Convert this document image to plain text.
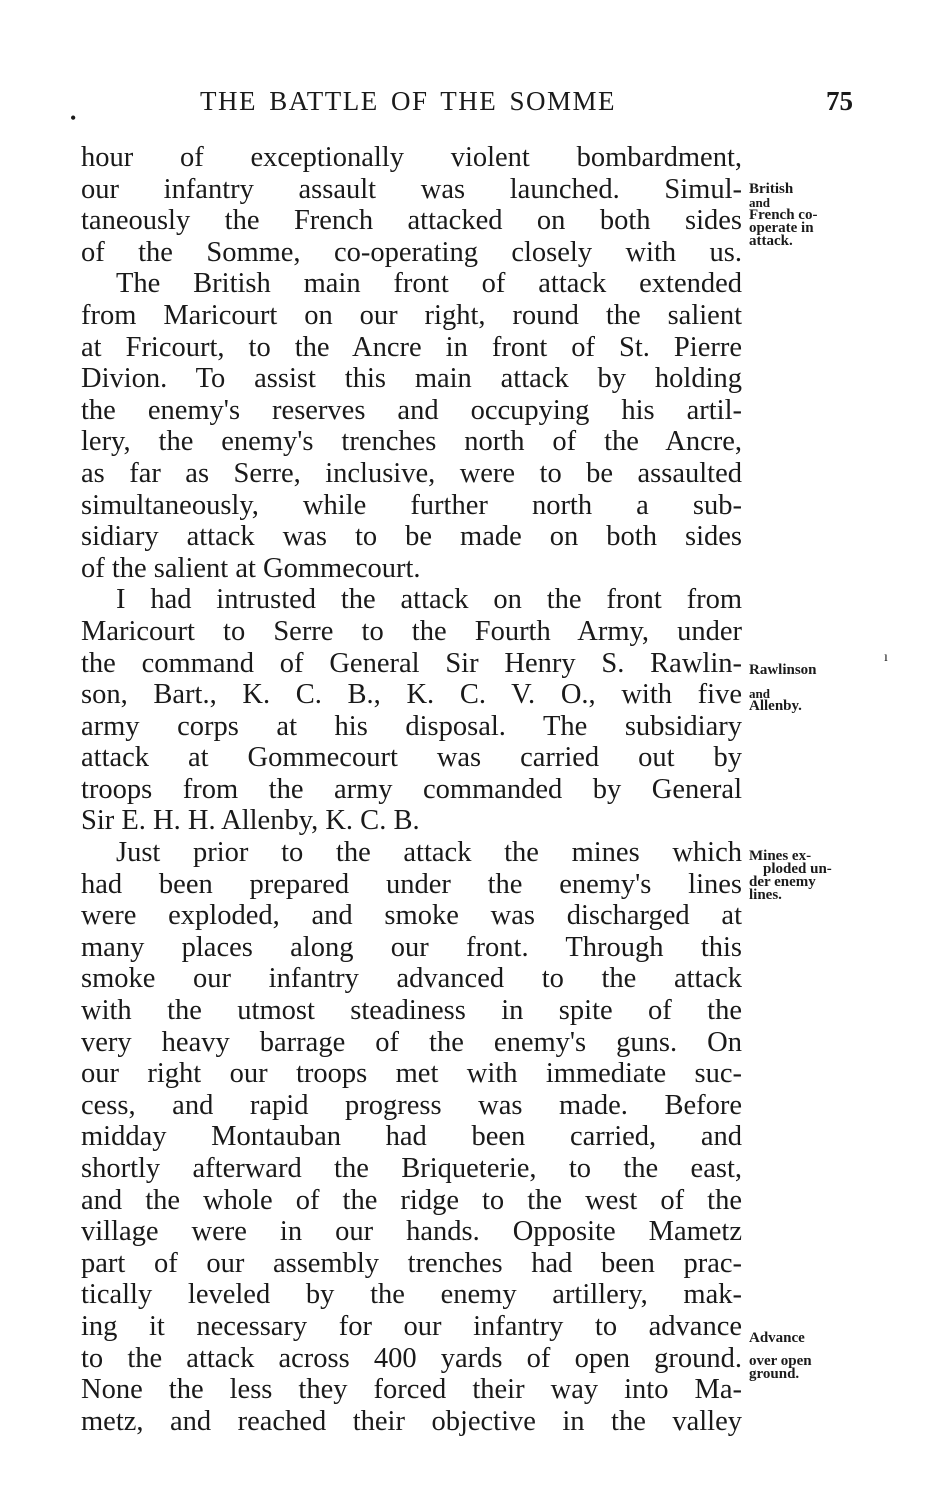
•
THE BATTLE OF THE SOMME	75
ı
hour of exceptionally violent bombardment,
our infantry assault was launched. Simul-
taneously the French attacked on both sides
of the Somme, co-operating closely with us.
The British main front of attack extended
from Maricourt on our right, round the salient
at Fricourt, to the Ancre in front of St. Pierre
Divion. To assist this main attack by holding
the enemy's reserves and occupying his artil-
lery, the enemy's trenches north of the Ancre,
as far as Serre, inclusive, were to be assaulted
simultaneously, while further north a sub-
sidiary attack was to be made on both sides
of the salient at Gommecourt.
I had intrusted the attack on the front from
Maricourt to Serre to the Fourth Army, under
the command of General Sir Henry S. Rawlin-
son, Bart., K. C. B., K. C. V. O., with five
army corps at his disposal. The subsidiary
attack at Gommecourt was carried out by
troops from the army commanded by General
Sir E. H. H. Allenby, K. C. B.
Just prior to the attack the mines which
had been prepared under the enemy's lines
were exploded, and smoke was discharged at
many places along our front. Through this
smoke our infantry advanced to the attack
with the utmost steadiness in spite of the
very heavy barrage of the enemy's guns. On
our right our troops met with immediate suc-
cess, and rapid progress was made. Before
midday Montauban had been carried, and
shortly afterward the Briqueterie, to the east,
and the whole of the ridge to the west of the
village were in our hands. Opposite Mametz
part of our assembly trenches had been prac-
tically leveled by the enemy artillery, mak-
ing it necessary for our infantry to advance
to the attack across 400 yards of open ground.
None the less they forced their way into Ma-
metz, and reached their objective in the valley
British
and
French co-
operate in
attack.
Rawlinson
and
Allenby.
Mines ex-
ploded un-
der enemy
lines.
Advance
over open
ground.
